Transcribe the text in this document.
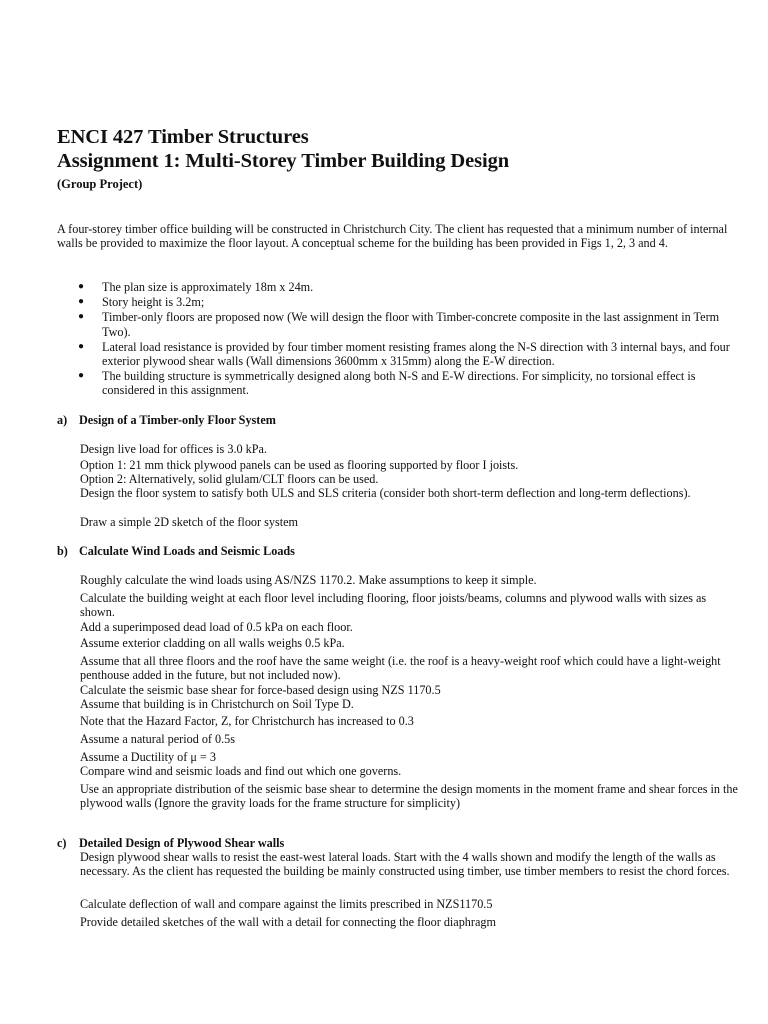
ENCI 427 Timber Structures
Assignment 1: Multi-Storey Timber Building Design
(Group Project)
A four-storey timber office building will be constructed in Christchurch City. The client has requested that a minimum number of internal walls be provided to maximize the floor layout. A conceptual scheme for the building has been provided in Figs 1, 2, 3 and 4.
● The plan size is approximately 18m x 24m.
● Story height is 3.2m;
● Timber-only floors are proposed now (We will design the floor with Timber-concrete composite in the last assignment in Term Two).
● Lateral load resistance is provided by four timber moment resisting frames along the N-S direction with 3 internal bays, and four exterior plywood shear walls (Wall dimensions 3600mm x 315mm) along the E-W direction.
● The building structure is symmetrically designed along both N-S and E-W directions. For simplicity, no torsional effect is considered in this assignment.
a) Design of a Timber-only Floor System
Design live load for offices is 3.0 kPa.
Option 1: 21 mm thick plywood panels can be used as flooring supported by floor I joists.
Option 2: Alternatively, solid glulam/CLT floors can be used.
Design the floor system to satisfy both ULS and SLS criteria (consider both short-term deflection and long-term deflections).
Draw a simple 2D sketch of the floor system
b) Calculate Wind Loads and Seismic Loads
Roughly calculate the wind loads using AS/NZS 1170.2. Make assumptions to keep it simple.
Calculate the building weight at each floor level including flooring, floor joists/beams, columns and plywood walls with sizes as shown.
Add a superimposed dead load of 0.5 kPa on each floor.
Assume exterior cladding on all walls weighs 0.5 kPa.
Assume that all three floors and the roof have the same weight (i.e. the roof is a heavy-weight roof which could have a light-weight penthouse added in the future, but not included now).
Calculate the seismic base shear for force-based design using NZS 1170.5
Assume that building is in Christchurch on Soil Type D.
Note that the Hazard Factor, Z, for Christchurch has increased to 0.3
Assume a natural period of 0.5s
Assume a Ductility of μ = 3
Compare wind and seismic loads and find out which one governs.
Use an appropriate distribution of the seismic base shear to determine the design moments in the moment frame and shear forces in the plywood walls (Ignore the gravity loads for the frame structure for simplicity)
c) Detailed Design of Plywood Shear walls
Design plywood shear walls to resist the east-west lateral loads. Start with the 4 walls shown and modify the length of the walls as necessary. As the client has requested the building be mainly constructed using timber, use timber members to resist the chord forces.
Calculate deflection of wall and compare against the limits prescribed in NZS1170.5
Provide detailed sketches of the wall with a detail for connecting the floor diaphragm
